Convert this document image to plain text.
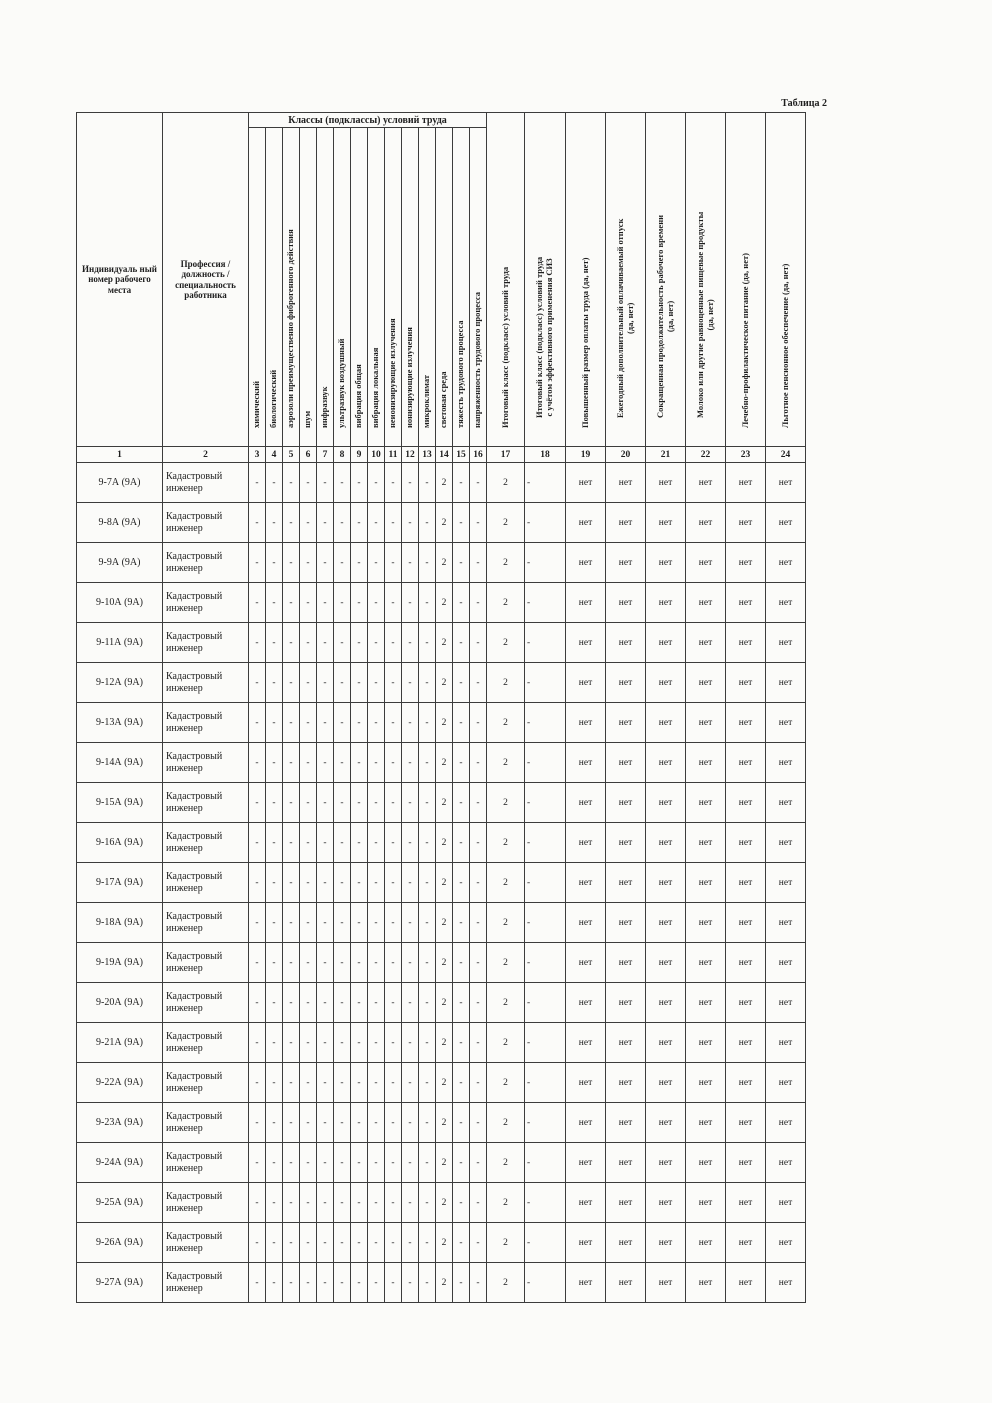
Таблица 2
Индивидуаль ный номер рабочего места	Профессия / должность / специальность работника	Классы (подклассы) условий труда														Итоговый класс (подкласс) условий труда	Итоговый класс (подкласс) условий труда
с учётом эффективного применения СИЗ	Повышенный размер оплаты труда (да, нет)	Ежегодный дополнительный оплачиваемый отпуск
(да, нет)	Сокращенная продолжительность рабочего времени
(да, нет)	Молоко или другие равноценные пищевые продукты
(да, нет)	Лечебно-профилактическое питание (да, нет)	Льготное пенсионное обеспечение (да, нет)

		химический	биологический	аэрозоли преимущественно фиброгенного действия	шум	инфразвук	ультразвук воздушный	вибрация общая	вибрация локальная	неионизирующие излучения	ионизирующие излучения	микроклимат	световая среда	тяжесть трудового процесса	напряженность трудового процесса								

1	2	3	4	5	6	7	8	9	10	11	12	13	14	15	16	17	18	19	20	21	22	23	24
9-7А (9А)	Кадастровый инженер	-	-	-	-	-	-	-	-	-	-	-	2	-	-	2	-	нет	нет	нет	нет	нет	нет
9-8А (9А)	Кадастровый инженер	-	-	-	-	-	-	-	-	-	-	-	2	-	-	2	-	нет	нет	нет	нет	нет	нет
9-9А (9А)	Кадастровый инженер	-	-	-	-	-	-	-	-	-	-	-	2	-	-	2	-	нет	нет	нет	нет	нет	нет
9-10А (9А)	Кадастровый инженер	-	-	-	-	-	-	-	-	-	-	-	2	-	-	2	-	нет	нет	нет	нет	нет	нет
9-11А (9А)	Кадастровый инженер	-	-	-	-	-	-	-	-	-	-	-	2	-	-	2	-	нет	нет	нет	нет	нет	нет
9-12А (9А)	Кадастровый инженер	-	-	-	-	-	-	-	-	-	-	-	2	-	-	2	-	нет	нет	нет	нет	нет	нет
9-13А (9А)	Кадастровый инженер	-	-	-	-	-	-	-	-	-	-	-	2	-	-	2	-	нет	нет	нет	нет	нет	нет
9-14А (9А)	Кадастровый инженер	-	-	-	-	-	-	-	-	-	-	-	2	-	-	2	-	нет	нет	нет	нет	нет	нет
9-15А (9А)	Кадастровый инженер	-	-	-	-	-	-	-	-	-	-	-	2	-	-	2	-	нет	нет	нет	нет	нет	нет
9-16А (9А)	Кадастровый инженер	-	-	-	-	-	-	-	-	-	-	-	2	-	-	2	-	нет	нет	нет	нет	нет	нет
9-17А (9А)	Кадастровый инженер	-	-	-	-	-	-	-	-	-	-	-	2	-	-	2	-	нет	нет	нет	нет	нет	нет
9-18А (9А)	Кадастровый инженер	-	-	-	-	-	-	-	-	-	-	-	2	-	-	2	-	нет	нет	нет	нет	нет	нет
9-19А (9А)	Кадастровый инженер	-	-	-	-	-	-	-	-	-	-	-	2	-	-	2	-	нет	нет	нет	нет	нет	нет
9-20А (9А)	Кадастровый инженер	-	-	-	-	-	-	-	-	-	-	-	2	-	-	2	-	нет	нет	нет	нет	нет	нет
9-21А (9А)	Кадастровый инженер	-	-	-	-	-	-	-	-	-	-	-	2	-	-	2	-	нет	нет	нет	нет	нет	нет
9-22А (9А)	Кадастровый инженер	-	-	-	-	-	-	-	-	-	-	-	2	-	-	2	-	нет	нет	нет	нет	нет	нет
9-23А (9А)	Кадастровый инженер	-	-	-	-	-	-	-	-	-	-	-	2	-	-	2	-	нет	нет	нет	нет	нет	нет
9-24А (9А)	Кадастровый инженер	-	-	-	-	-	-	-	-	-	-	-	2	-	-	2	-	нет	нет	нет	нет	нет	нет
9-25А (9А)	Кадастровый инженер	-	-	-	-	-	-	-	-	-	-	-	2	-	-	2	-	нет	нет	нет	нет	нет	нет
9-26А (9А)	Кадастровый инженер	-	-	-	-	-	-	-	-	-	-	-	2	-	-	2	-	нет	нет	нет	нет	нет	нет
9-27А (9А)	Кадастровый инженер	-	-	-	-	-	-	-	-	-	-	-	2	-	-	2	-	нет	нет	нет	нет	нет	нет
